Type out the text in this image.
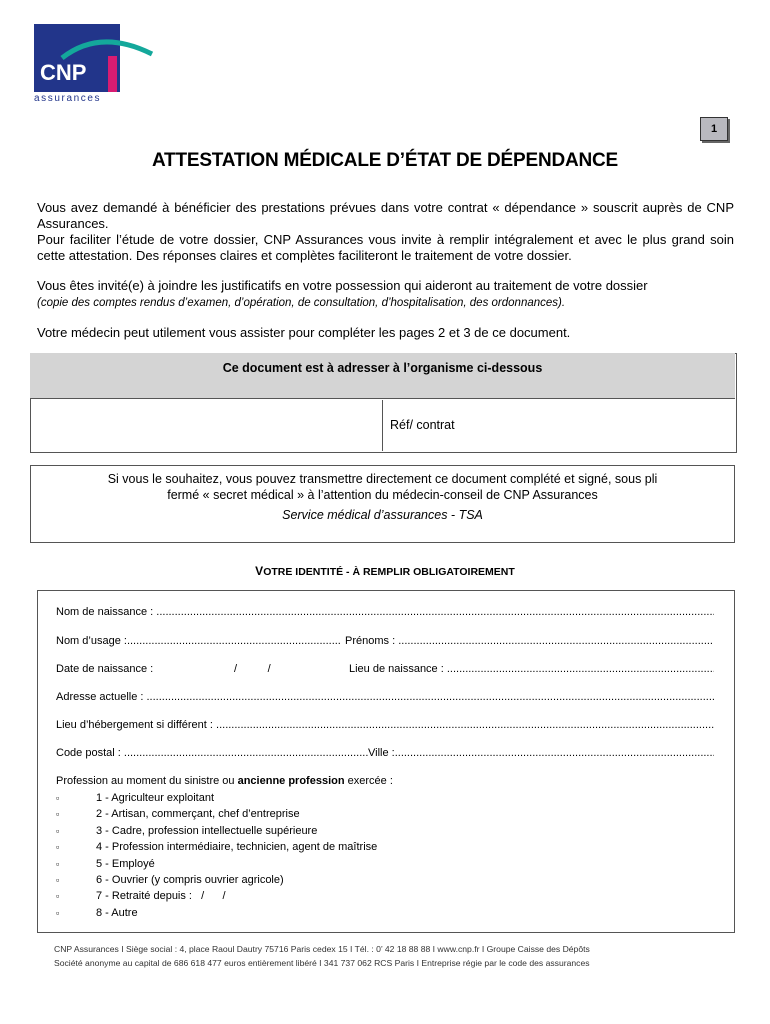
CNP
assurances
1
ATTESTATION MÉDICALE D’ÉTAT DE DÉPENDANCE
Vous avez demandé à bénéficier des prestations prévues dans votre contrat « dépendance » souscrit auprès de CNP Assurances.
Pour faciliter l’étude de votre dossier, CNP Assurances vous invite à remplir intégralement et avec le plus grand soin cette attestation. Des réponses claires et complètes faciliteront le traitement de votre dossier.
Vous êtes invité(e) à joindre les justificatifs en votre possession qui aideront au traitement de votre dossier
(copie des comptes rendus d’examen, d’opération, de consultation, d’hospitalisation, des ordonnances).
Votre médecin peut utilement vous assister pour compléter les pages 2 et 3 de ce document.
Ce document est à adresser à l’organisme ci-dessous
Réf/ contrat
Si vous le souhaitez, vous pouvez transmettre directement ce document complété et signé, sous pli
fermé « secret médical » à l’attention du médecin-conseil de CNP Assurances
Service médical d’assurances - TSA
VOTRE IDENTITÉ - À REMPLIR OBLIGATOIREMENT
Nom de naissance :

.....
Nom d’usage : .....	Prénoms :

.....
Date de naissance :	/          /	Lieu de naissance :

.....
Adresse actuelle :

.....
Lieu d’hébergement si différent :

.....
Code postal :
.....	Ville :
.....
Profession au moment du sinistre ou ancienne profession exercée :
▫	1 - Agriculteur exploitant
▫	2 - Artisan, commerçant, chef d’entreprise
▫	3 - Cadre, profession intellectuelle supérieure
▫	4 - Profession intermédiaire, technicien, agent de maîtrise
▫	5 - Employé
▫	6 - Ouvrier (y compris ouvrier agricole)
▫	7 - Retraité depuis :   /      /
▫	8 - Autre
CNP Assurances I Siège social : 4, place Raoul Dautry 75716 Paris cedex 15 I Tél. : 0’ 42 18 88 88 I www.cnp.fr I Groupe Caisse des Dépôts
Société anonyme au capital de 686 618 477 euros entièrement libéré I 341 737 062 RCS Paris I Entreprise régie par le code des assurances
